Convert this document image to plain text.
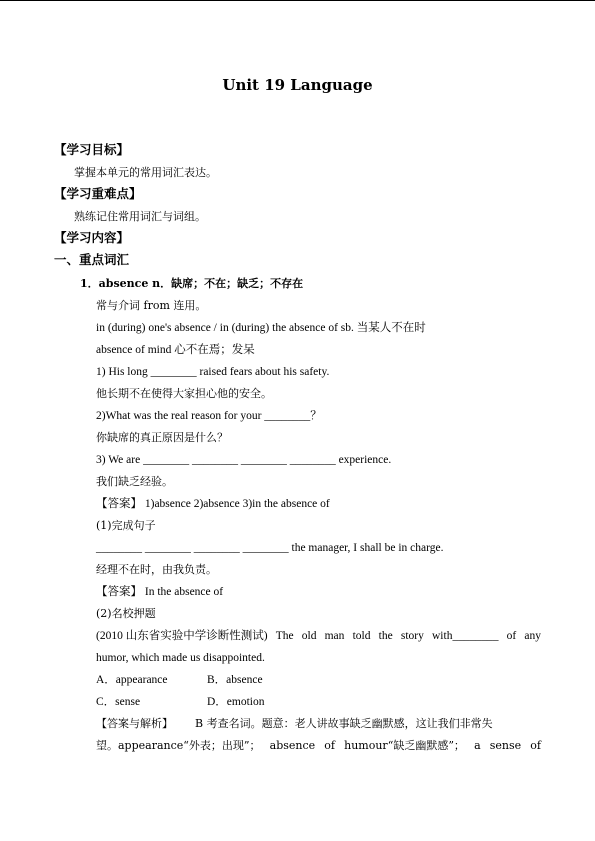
Unit 19 Language
【学习目标】
掌握本单元的常用词汇表达。
【学习重难点】
熟练记住常用词汇与词组。
【学习内容】
一、重点词汇
1．absence n．缺席；不在；缺乏；不存在
常与介词 from 连用。
in (during) one's absence / in (during) the absence of sb. 当某人不在时
absence of mind 心不在焉；发呆
1) His long ________ raised fears about his safety.
他长期不在使得大家担心他的安全。
2)What was the real reason for your ________？
你缺席的真正原因是什么？
3) We are ________ ________ ________ ________ experience.
我们缺乏经验。
【答案】 1)absence 2)absence 3)in the absence of
(1)完成句子
________ ________ ________ ________ the manager, I shall be in charge.
经理不在时，由我负责。
【答案】 In the absence of
(2)名校押题
(2010 山东省实验中学诊断性测试) The old man told the story with________ of any
humor, which made us disappointed.
A．appearance	B．absence
C．sense	D．emotion
【答案与解析】 B 考查名词。题意：老人讲故事缺乏幽默感，这让我们非常失
望。appearance“外表；出现”； absence of humour“缺乏幽默感”； a sense of
